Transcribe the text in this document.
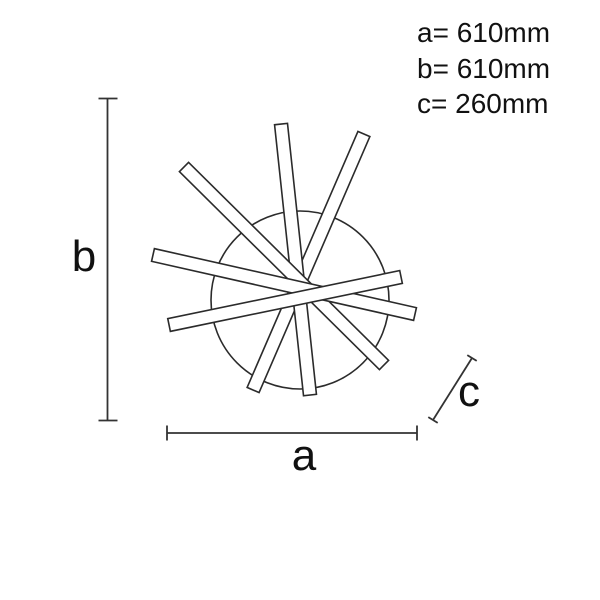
a= 610mm
b= 610mm
c= 260mm
a
b
c
